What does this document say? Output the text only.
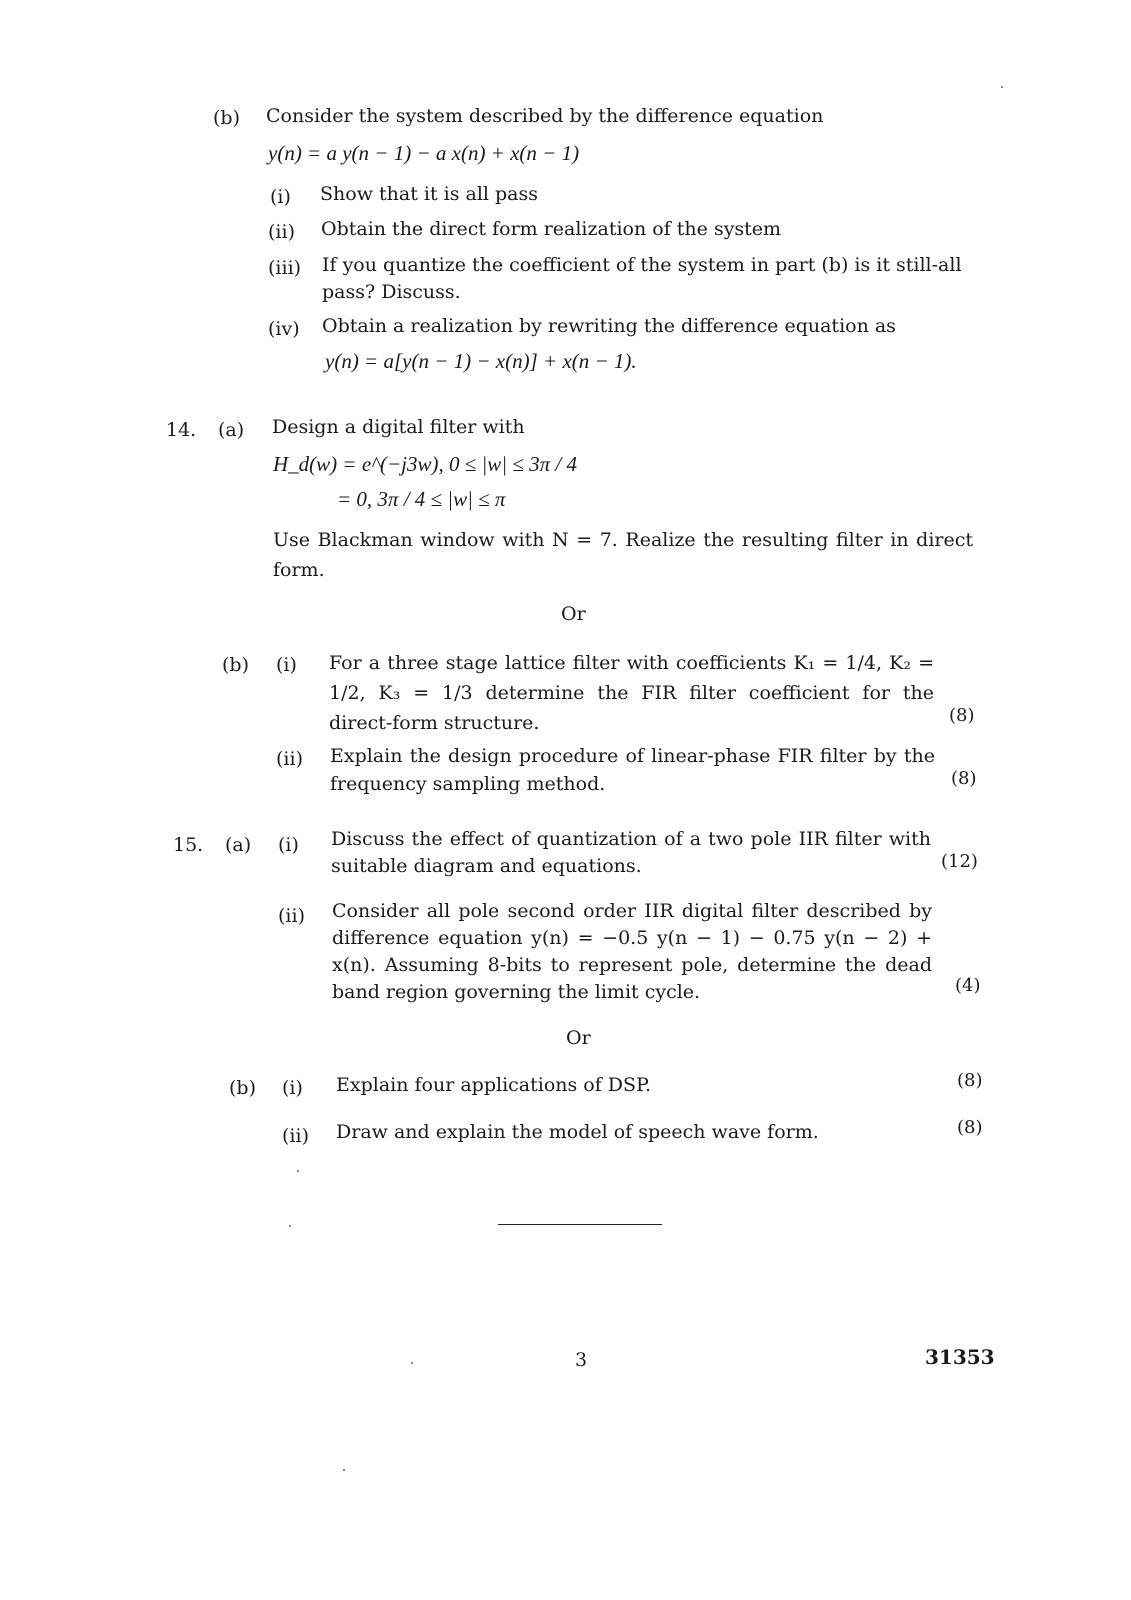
(b) Consider the system described by the difference equation
y(n) = a y(n − 1) − a x(n) + x(n − 1)
(i) Show that it is all pass
(ii) Obtain the direct form realization of the system
(iii) If you quantize the coefficient of the system in part (b) is it still-all
pass? Discuss.
(iv) Obtain a realization by rewriting the difference equation as
y(n) = a[y(n − 1) − x(n)] + x(n − 1).
14. (a) Design a digital filter with
H_d(w) = e^(−j3w), 0 ≤ |w| ≤ 3π / 4
= 0, 3π / 4 ≤ |w| ≤ π
Use Blackman window with N = 7. Realize the resulting filter in direct form.
Or
(b) (i) For a three stage lattice filter with coefficients K₁ = 1/4, K₂ = 1/2, K₃ = 1/3 determine the FIR filter coefficient for the direct-form structure.	(8)
(ii) Explain the design procedure of linear-phase FIR filter by the frequency sampling method.	(8)
15. (a) (i) Discuss the effect of quantization of a two pole IIR filter with suitable diagram and equations.	(12)
(ii) Consider all pole second order IIR digital filter described by difference equation y(n) = −0.5 y(n − 1) − 0.75 y(n − 2) + x(n). Assuming 8-bits to represent pole, determine the dead band region governing the limit cycle.	(4)
Or
(b) (i) Explain four applications of DSP.	(8)
(ii) Draw and explain the model of speech wave form.	(8)
3	31353
